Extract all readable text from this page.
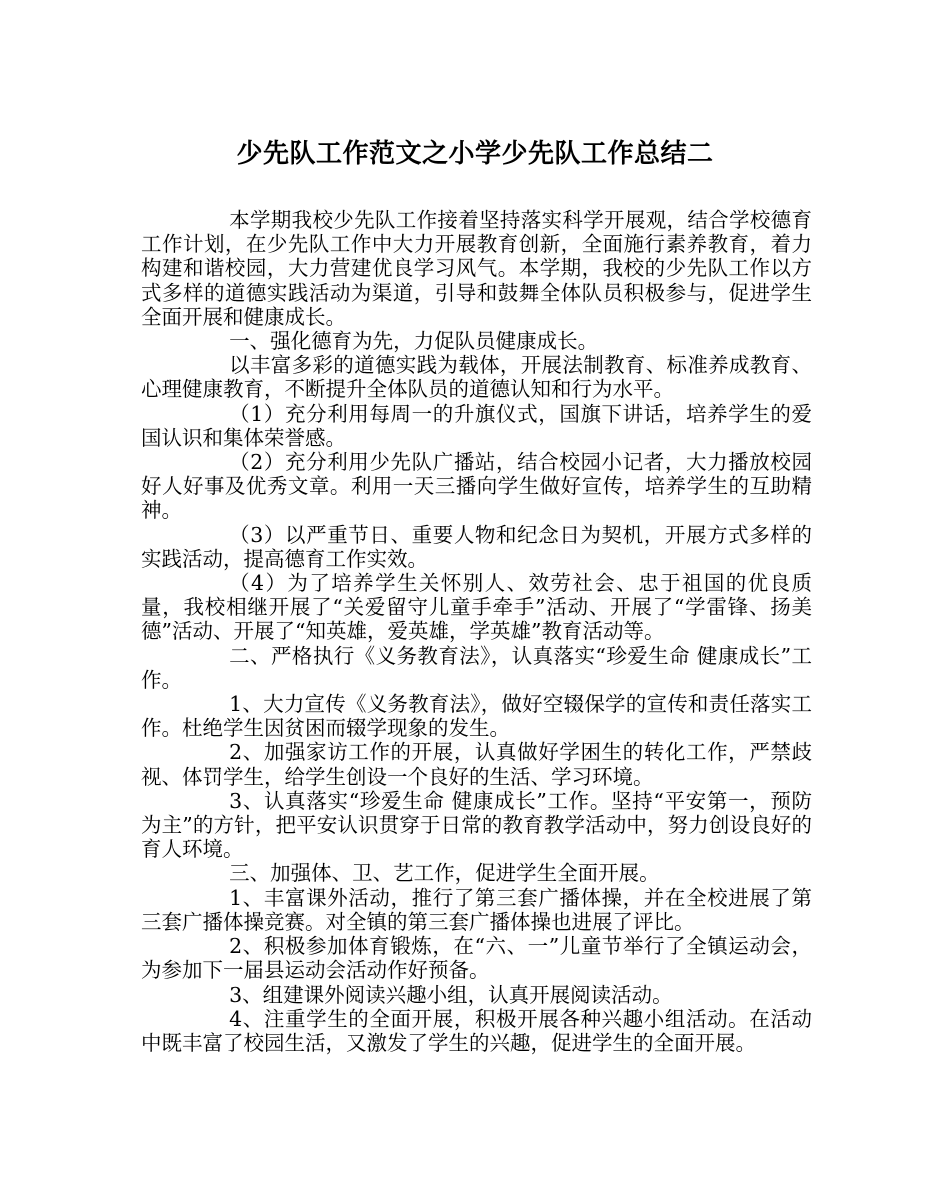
少先队工作范文之小学少先队工作总结二

本学期我校少先队工作接着坚持落实科学开展观，结合学校德育工作计划，在少先队工作中大力开展教育创新，全面施行素养教育，着力构建和谐校园，大力营建优良学习风气。本学期，我校的少先队工作以方式多样的道德实践活动为渠道，引导和鼓舞全体队员积极参与，促进学生全面开展和健康成长。

一、强化德育为先，力促队员健康成长。

以丰富多彩的道德实践为载体，开展法制教育、标准养成教育、心理健康教育，不断提升全体队员的道德认知和行为水平。

（1）充分利用每周一的升旗仪式，国旗下讲话，培养学生的爱国认识和集体荣誉感。

（2）充分利用少先队广播站，结合校园小记者，大力播放校园好人好事及优秀文章。利用一天三播向学生做好宣传，培养学生的互助精神。

（3）以严重节日、重要人物和纪念日为契机，开展方式多样的实践活动，提高德育工作实效。

（4）为了培养学生关怀别人、效劳社会、忠于祖国的优良质量，我校相继开展了“关爱留守儿童手牵手”活动、开展了“学雷锋、扬美德”活动、开展了“知英雄，爱英雄，学英雄”教育活动等。

二、严格执行《义务教育法》，认真落实“珍爱生命 健康成长”工作。

1、大力宣传《义务教育法》，做好空辍保学的宣传和责任落实工作。杜绝学生因贫困而辍学现象的发生。

2、加强家访工作的开展，认真做好学困生的转化工作，严禁歧视、体罚学生，给学生创设一个良好的生活、学习环境。

3、认真落实“珍爱生命 健康成长”工作。坚持“平安第一，预防为主”的方针，把平安认识贯穿于日常的教育教学活动中，努力创设良好的育人环境。

三、加强体、卫、艺工作，促进学生全面开展。

1、丰富课外活动，推行了第三套广播体操，并在全校进展了第三套广播体操竞赛。对全镇的第三套广播体操也进展了评比。

2、积极参加体育锻炼，在“六、一”儿童节举行了全镇运动会，为参加下一届县运动会活动作好预备。

3、组建课外阅读兴趣小组，认真开展阅读活动。

4、注重学生的全面开展，积极开展各种兴趣小组活动。在活动中既丰富了校园生活，又激发了学生的兴趣，促进学生的全面开展。
